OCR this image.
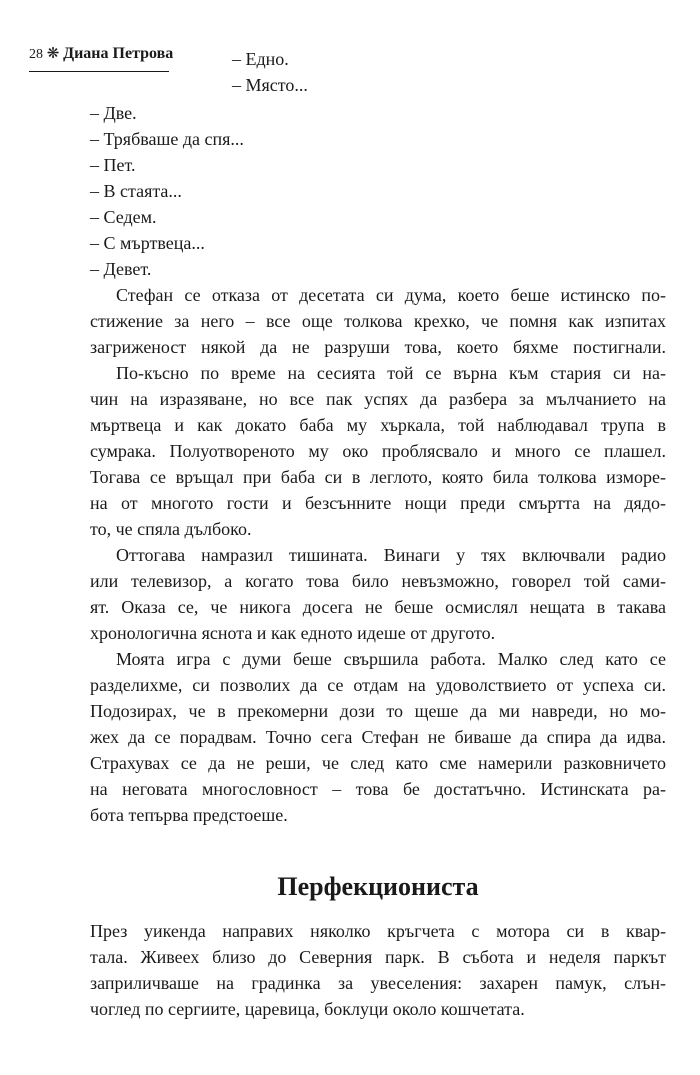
28 ❋ Диана Петрова	– Едно.
– Място...
– Две.
– Трябваше да спя...
– Пет.
– В стаята...
– Седем.
– С мъртвеца...
– Девет.
Стефан се отказа от десетата си дума, което беше истинско по-
стижение за него – все още толкова крехко, че помня как изпитах
загриженост някой да не разруши това, което бяхме постигнали.
По-късно по време на сесията той се върна към стария си на-
чин на изразяване, но все пак успях да разбера за мълчанието на
мъртвеца и как докато баба му хъркала, той наблюдавал трупа в
сумрака. Полуотвореното му око проблясвало и много се плашел.
Тогава се връщал при баба си в леглото, която била толкова изморе-
на от многото гости и безсънните нощи преди смъртта на дядо-
то, че спяла дълбоко.
Оттогава намразил тишината. Винаги у тях включвали радио
или телевизор, а когато това било невъзможно, говорел той сами-
ят. Оказа се, че никога досега не беше осмислял нещата в такава
хронологична яснота и как едното идеше от другото.
Моята игра с думи беше свършила работа. Малко след като се
разделихме, си позволих да се отдам на удоволствието от успеха си.
Подозирах, че в прекомерни дози то щеше да ми навреди, но мо-
жех да се порадвам. Точно сега Стефан не биваше да спира да идва.
Страхувах се да не реши, че след като сме намерили разковничето
на неговата многословност – това бе достатъчно. Истинската ра-
бота тепърва предстоеше.
Перфекциониста
През уикенда направих няколко кръгчета с мотора си в квар-
тала. Живеех близо до Северния парк. В събота и неделя паркът
заприличваше на градинка за увеселения: захарен памук, слън-
чоглед по сергиите, царевица, боклуци около кошчетата.
